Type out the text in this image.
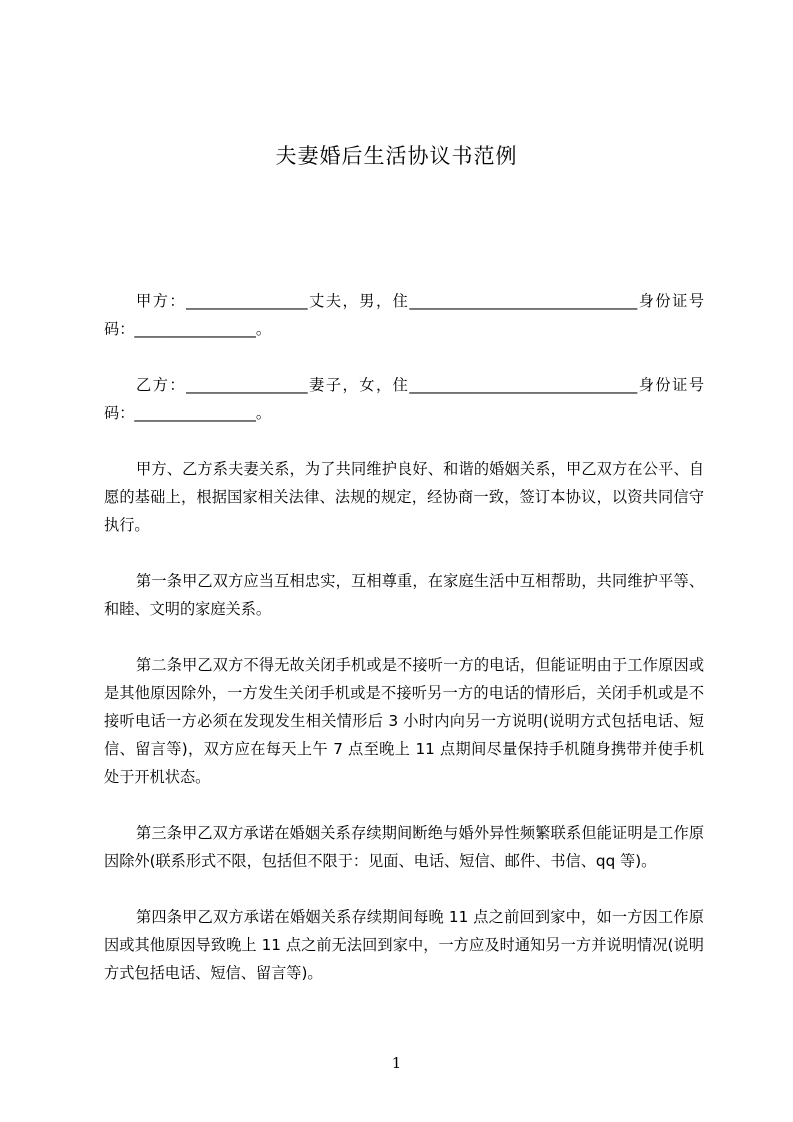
夫妻婚后生活协议书范例

甲方：________________丈夫，男，住______________________________身份证号码：________________。

乙方：________________妻子，女，住______________________________身份证号码：________________。

甲方、乙方系夫妻关系，为了共同维护良好、和谐的婚姻关系，甲乙双方在公平、自愿的基础上，根据国家相关法律、法规的规定，经协商一致，签订本协议，以资共同信守执行。

第一条甲乙双方应当互相忠实，互相尊重，在家庭生活中互相帮助，共同维护平等、和睦、文明的家庭关系。

第二条甲乙双方不得无故关闭手机或是不接听一方的电话，但能证明由于工作原因或是其他原因除外，一方发生关闭手机或是不接听另一方的电话的情形后，关闭手机或是不接听电话一方必须在发现发生相关情形后 3 小时内向另一方说明(说明方式包括电话、短信、留言等)，双方应在每天上午 7 点至晚上 11 点期间尽量保持手机随身携带并使手机处于开机状态。

第三条甲乙双方承诺在婚姻关系存续期间断绝与婚外异性频繁联系但能证明是工作原因除外(联系形式不限，包括但不限于：见面、电话、短信、邮件、书信、qq 等)。

第四条甲乙双方承诺在婚姻关系存续期间每晚 11 点之前回到家中，如一方因工作原因或其他原因导致晚上 11 点之前无法回到家中，一方应及时通知另一方并说明情况(说明方式包括电话、短信、留言等)。

1
